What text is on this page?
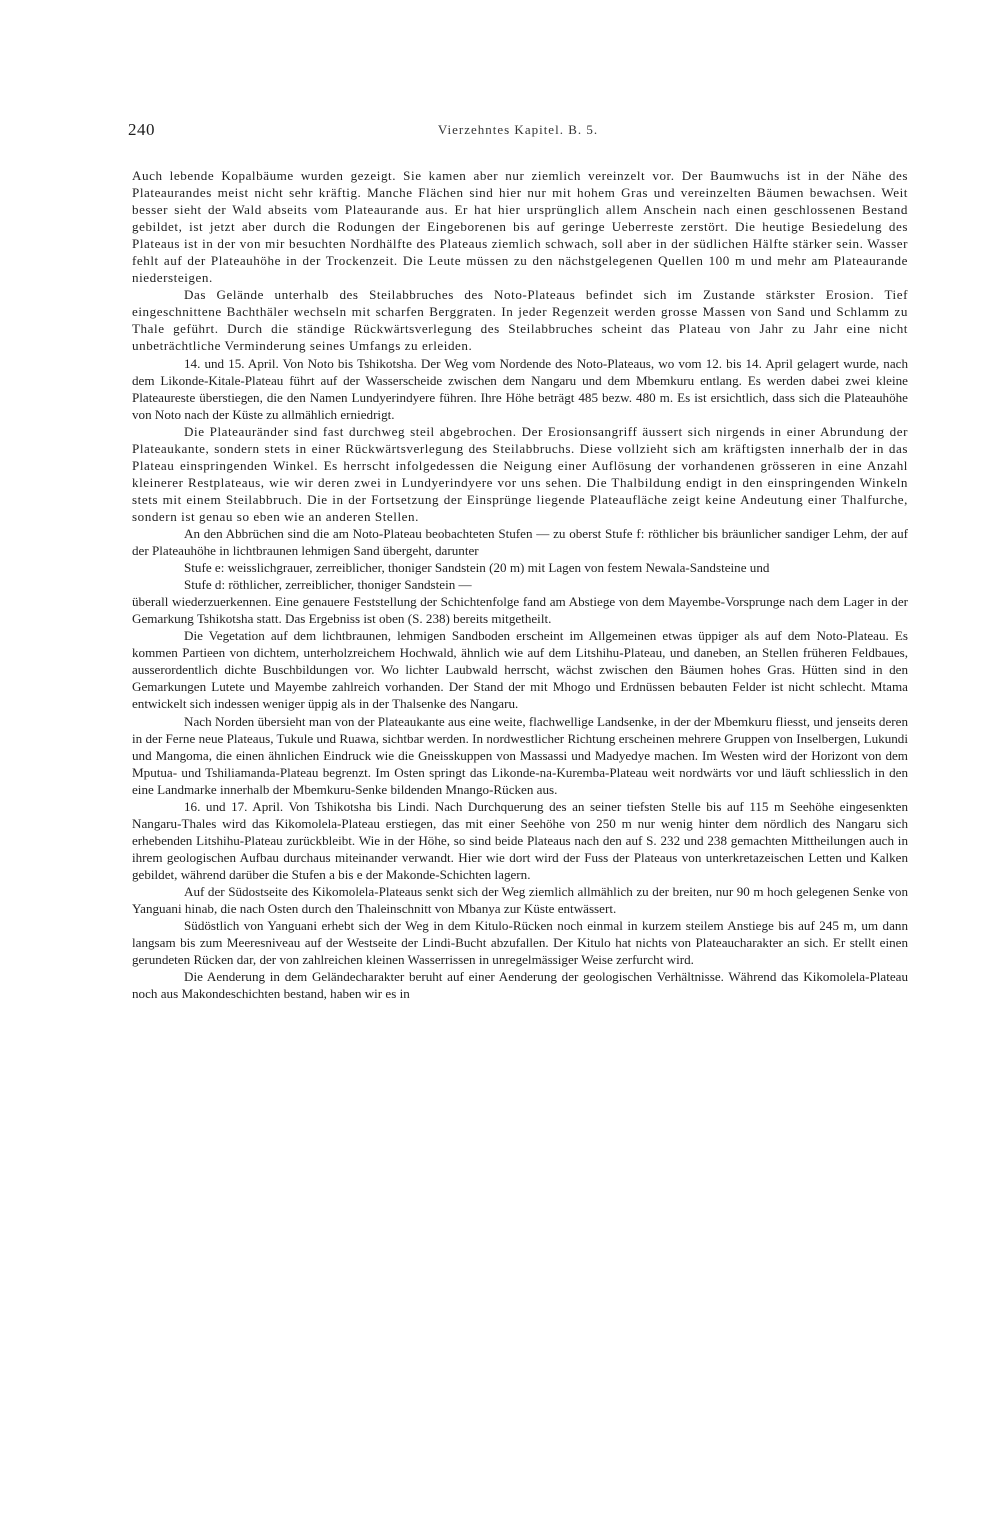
240	Vierzehntes Kapitel. B. 5.

Auch lebende Kopalbäume wurden gezeigt. Sie kamen aber nur ziemlich vereinzelt vor. Der Baumwuchs ist in der Nähe des Plateaurandes meist nicht sehr kräftig. Manche Flächen sind hier nur mit hohem Gras und vereinzelten Bäumen bewachsen. Weit besser sieht der Wald abseits vom Plateaurande aus. Er hat hier ursprünglich allem Anschein nach einen geschlossenen Bestand gebildet, ist jetzt aber durch die Rodungen der Eingeborenen bis auf geringe Ueberreste zerstört. Die heutige Besiedelung des Plateaus ist in der von mir besuchten Nordhälfte des Plateaus ziemlich schwach, soll aber in der südlichen Hälfte stärker sein. Wasser fehlt auf der Plateauhöhe in der Trockenzeit. Die Leute müssen zu den nächstgelegenen Quellen 100 m und mehr am Plateaurande niedersteigen.

Das Gelände unterhalb des Steilabbruches des Noto-Plateaus befindet sich im Zustande stärkster Erosion. Tief eingeschnittene Bachthäler wechseln mit scharfen Berggraten. In jeder Regenzeit werden grosse Massen von Sand und Schlamm zu Thale geführt. Durch die ständige Rückwärtsverlegung des Steilabbruches scheint das Plateau von Jahr zu Jahr eine nicht unbeträchtliche Verminderung seines Umfangs zu erleiden.

14. und 15. April. Von Noto bis Tshikotsha. Der Weg vom Nordende des Noto-Plateaus, wo vom 12. bis 14. April gelagert wurde, nach dem Likonde-Kitale-Plateau führt auf der Wasserscheide zwischen dem Nangaru und dem Mbemkuru entlang. Es werden dabei zwei kleine Plateaureste überstiegen, die den Namen Lundyerindyere führen. Ihre Höhe beträgt 485 bezw. 480 m. Es ist ersichtlich, dass sich die Plateauhöhe von Noto nach der Küste zu allmählich erniedrigt.

Die Plateauränder sind fast durchweg steil abgebrochen. Der Erosionsangriff äussert sich nirgends in einer Abrundung der Plateaukante, sondern stets in einer Rückwärtsverlegung des Steilabbruchs. Diese vollzieht sich am kräftigsten innerhalb der in das Plateau einspringenden Winkel. Es herrscht infolgedessen die Neigung einer Auflösung der vorhandenen grösseren in eine Anzahl kleinerer Restplateaus, wie wir deren zwei in Lundyerindyere vor uns sehen. Die Thalbildung endigt in den einspringenden Winkeln stets mit einem Steilabbruch. Die in der Fortsetzung der Einsprünge liegende Plateaufläche zeigt keine Andeutung einer Thalfurche, sondern ist genau so eben wie an anderen Stellen.

An den Abbrüchen sind die am Noto-Plateau beobachteten Stufen — zu oberst Stufe f: röthlicher bis bräunlicher sandiger Lehm, der auf der Plateauhöhe in lichtbraunen lehmigen Sand übergeht, darunter

Stufe e: weisslichgrauer, zerreiblicher, thoniger Sandstein (20 m) mit Lagen von festem Newala-Sandsteine und

Stufe d: röthlicher, zerreiblicher, thoniger Sandstein —

überall wiederzuerkennen. Eine genauere Feststellung der Schichtenfolge fand am Abstiege von dem Mayembe-Vorsprunge nach dem Lager in der Gemarkung Tshikotsha statt. Das Ergebniss ist oben (S. 238) bereits mitgetheilt.

Die Vegetation auf dem lichtbraunen, lehmigen Sandboden erscheint im Allgemeinen etwas üppiger als auf dem Noto-Plateau. Es kommen Partieen von dichtem, unterholzreichem Hochwald, ähnlich wie auf dem Litshihu-Plateau, und daneben, an Stellen früheren Feldbaues, ausserordentlich dichte Buschbildungen vor. Wo lichter Laubwald herrscht, wächst zwischen den Bäumen hohes Gras. Hütten sind in den Gemarkungen Lutete und Mayembe zahlreich vorhanden. Der Stand der mit Mhogo und Erdnüssen bebauten Felder ist nicht schlecht. Mtama entwickelt sich indessen weniger üppig als in der Thalsenke des Nangaru.

Nach Norden übersieht man von der Plateaukante aus eine weite, flachwellige Landsenke, in der der Mbemkuru fliesst, und jenseits deren in der Ferne neue Plateaus, Tukule und Ruawa, sichtbar werden. In nordwestlicher Richtung erscheinen mehrere Gruppen von Inselbergen, Lukundi und Mangoma, die einen ähnlichen Eindruck wie die Gneisskuppen von Massassi und Madyedye machen. Im Westen wird der Horizont von dem Mputua- und Tshiliamanda-Plateau begrenzt. Im Osten springt das Likonde-na-Kuremba-Plateau weit nordwärts vor und läuft schliesslich in den eine Landmarke innerhalb der Mbemkuru-Senke bildenden Mnango-Rücken aus.

16. und 17. April. Von Tshikotsha bis Lindi. Nach Durchquerung des an seiner tiefsten Stelle bis auf 115 m Seehöhe eingesenkten Nangaru-Thales wird das Kikomolela-Plateau erstiegen, das mit einer Seehöhe von 250 m nur wenig hinter dem nördlich des Nangaru sich erhebenden Litshihu-Plateau zurückbleibt. Wie in der Höhe, so sind beide Plateaus nach den auf S. 232 und 238 gemachten Mittheilungen auch in ihrem geologischen Aufbau durchaus miteinander verwandt. Hier wie dort wird der Fuss der Plateaus von unterkretazeischen Letten und Kalken gebildet, während darüber die Stufen a bis e der Makonde-Schichten lagern.

Auf der Südostseite des Kikomolela-Plateaus senkt sich der Weg ziemlich allmählich zu der breiten, nur 90 m hoch gelegenen Senke von Yanguani hinab, die nach Osten durch den Thaleinschnitt von Mbanya zur Küste entwässert.

Südöstlich von Yanguani erhebt sich der Weg in dem Kitulo-Rücken noch einmal in kurzem steilem Anstiege bis auf 245 m, um dann langsam bis zum Meeresniveau auf der Westseite der Lindi-Bucht abzufallen. Der Kitulo hat nichts von Plateaucharakter an sich. Er stellt einen gerundeten Rücken dar, der von zahlreichen kleinen Wasserrissen in unregelmässiger Weise zerfurcht wird.

Die Aenderung in dem Geländecharakter beruht auf einer Aenderung der geologischen Verhältnisse. Während das Kikomolela-Plateau noch aus Makondeschichten bestand, haben wir es in
